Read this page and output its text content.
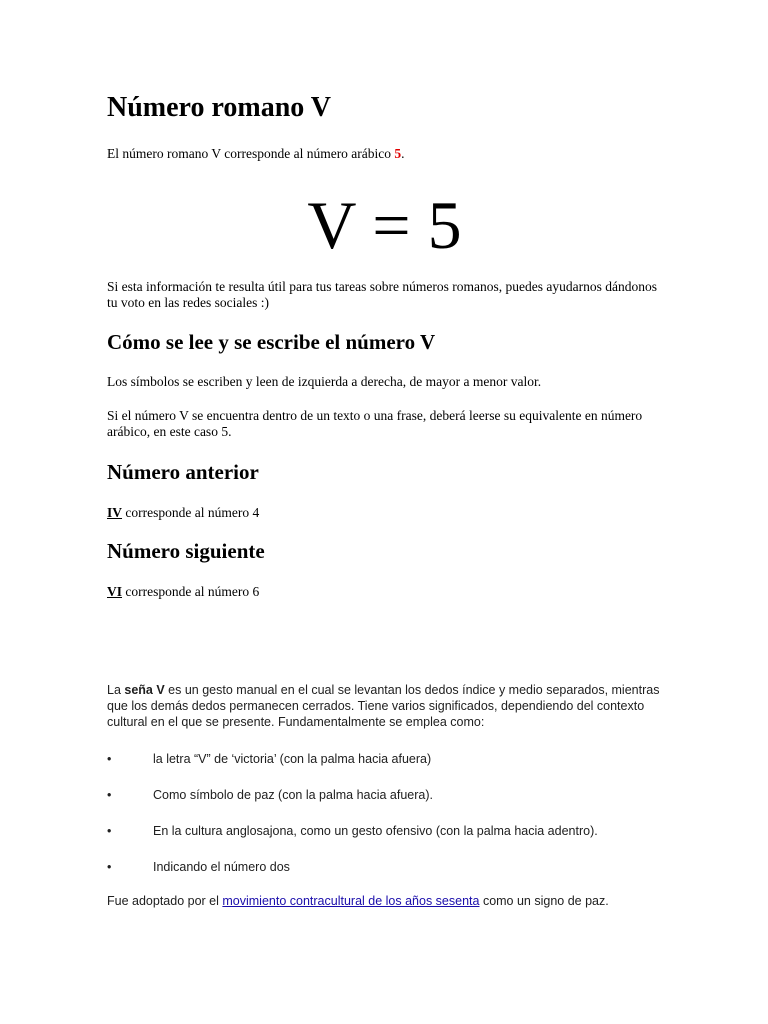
Número romano V

El número romano V corresponde al número arábico 5.

V = 5

Si esta información te resulta útil para tus tareas sobre números romanos, puedes ayudarnos dándonos tu voto en las redes sociales :)

Cómo se lee y se escribe el número V

Los símbolos se escriben y leen de izquierda a derecha, de mayor a menor valor.

Si el número V se encuentra dentro de un texto o una frase, deberá leerse su equivalente en número arábico, en este caso 5.

Número anterior

IV corresponde al número 4

Número siguiente

VI corresponde al número 6

La seña V es un gesto manual en el cual se levantan los dedos índice y medio separados, mientras que los demás dedos permanecen cerrados. Tiene varios significados, dependiendo del contexto cultural en el que se presente. Fundamentalmente se emplea como:

•	la letra “V” de ‘victoria’ (con la palma hacia afuera)
•	Como símbolo de paz (con la palma hacia afuera).
•	En la cultura anglosajona, como un gesto ofensivo (con la palma hacia adentro).
•	Indicando el número dos

Fue adoptado por el movimiento contracultural de los años sesenta como un signo de paz.
